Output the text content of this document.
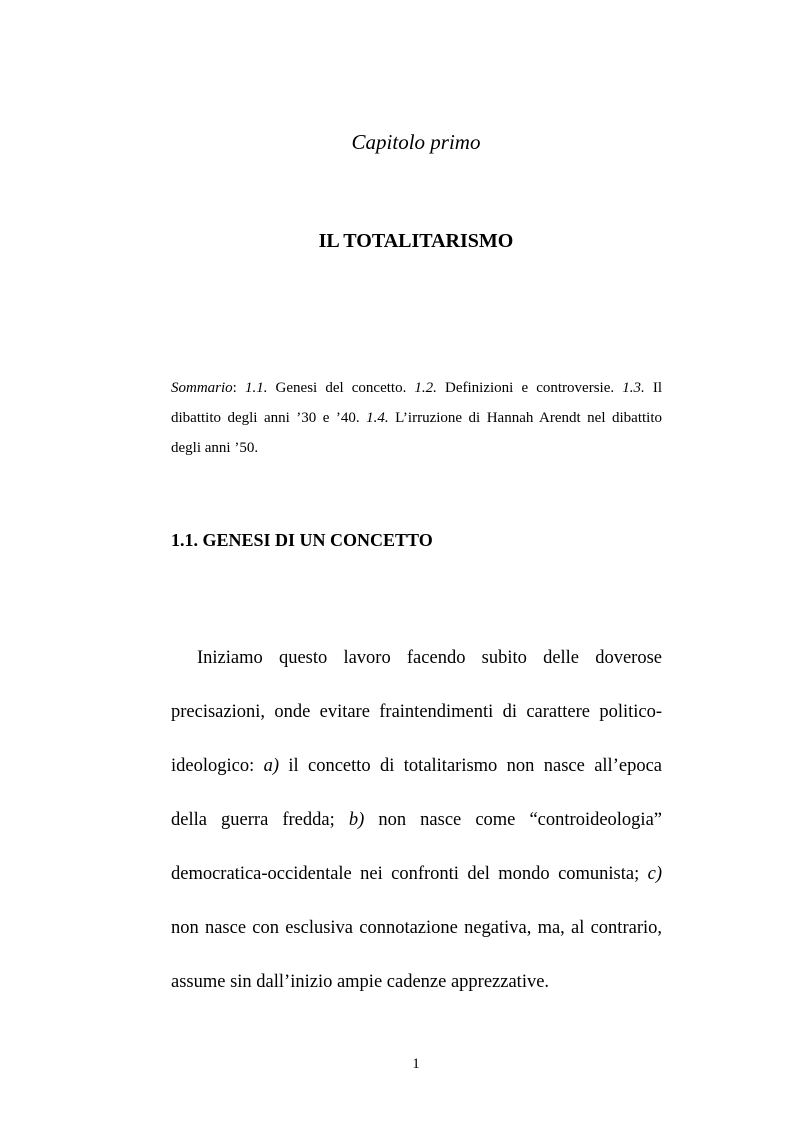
Capitolo primo

IL TOTALITARISMO

Sommario: 1.1. Genesi del concetto. 1.2. Definizioni e controversie. 1.3. Il dibattito degli anni ’30 e ’40. 1.4. L’irruzione di Hannah Arendt nel dibattito degli anni ’50.

1.1. GENESI DI UN CONCETTO

Iniziamo questo lavoro facendo subito delle doverose precisazioni, onde evitare fraintendimenti di carattere politico-ideologico: a) il concetto di totalitarismo non nasce all’epoca della guerra fredda; b) non nasce come “controideologia” democratica-occidentale nei confronti del mondo comunista; c) non nasce con esclusiva connotazione negativa, ma, al contrario, assume sin dall’inizio ampie cadenze apprezzative.

1
